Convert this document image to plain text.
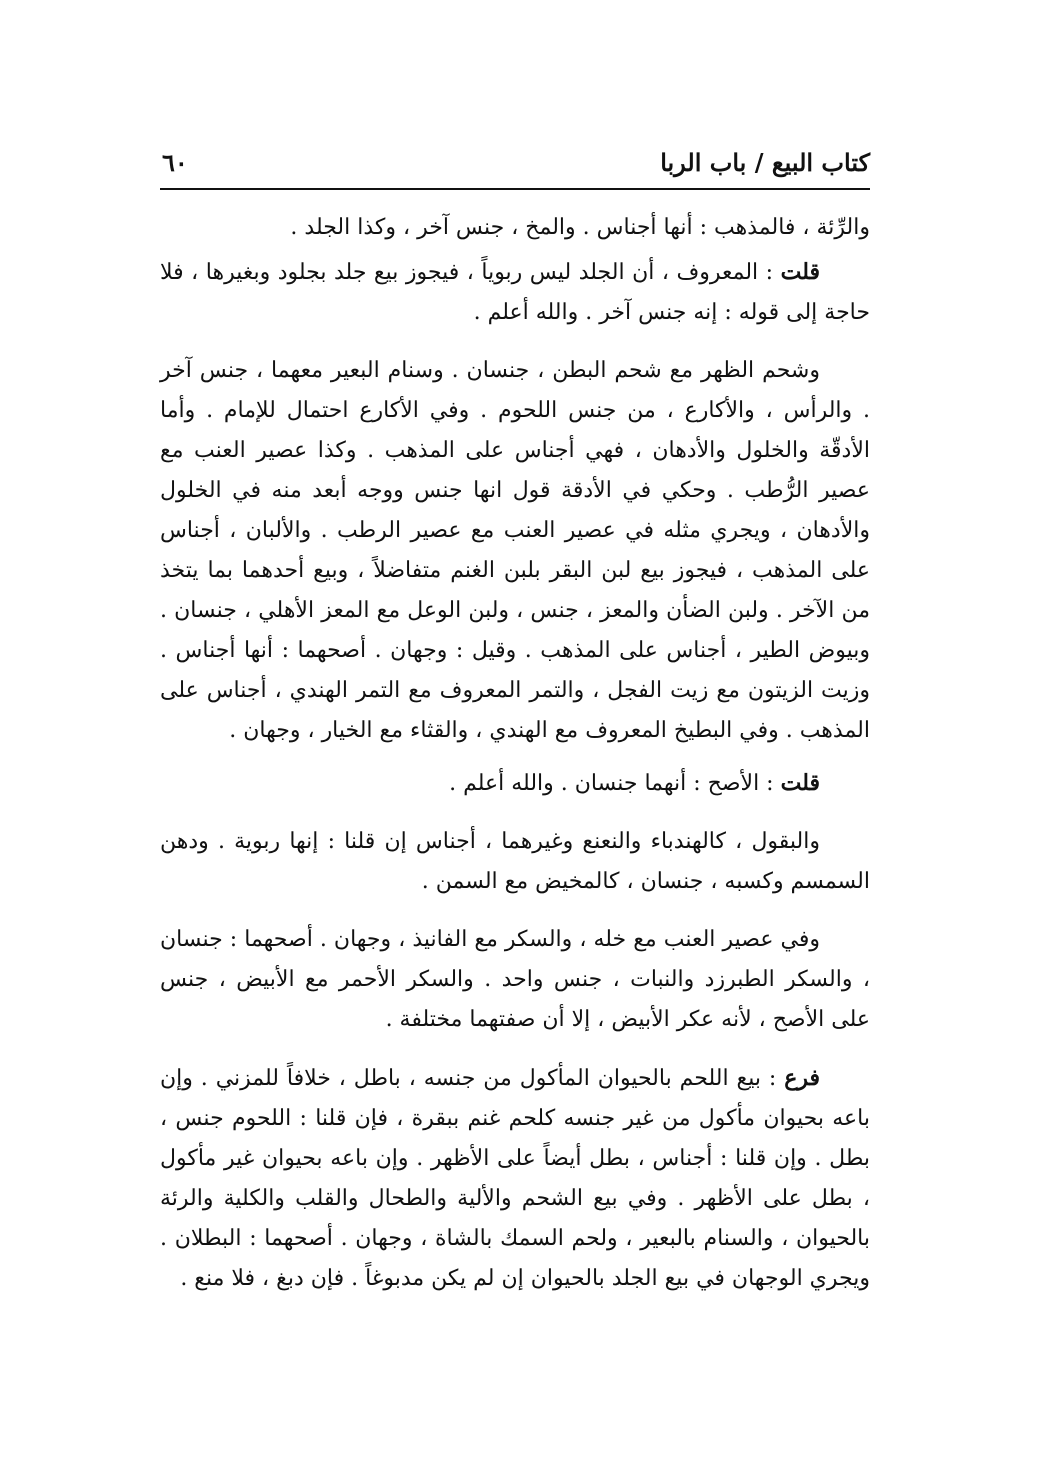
كتاب البيع / باب الربا
٦٠

والرِّئة ، فالمذهب : أنها أجناس . والمخ ، جنس آخر ، وكذا الجلد .

قلت : المعروف ، أن الجلد ليس ربوياً ، فيجوز بيع جلد بجلود وبغيرها ، فلا حاجة إلى قوله : إنه جنس آخر . والله أعلم .

وشحم الظهر مع شحم البطن ، جنسان . وسنام البعير معهما ، جنس آخر . والرأس ، والأكارع ، من جنس اللحوم . وفي الأكارع احتمال للإمام . وأما الأدقّة والخلول والأدهان ، فهي أجناس على المذهب . وكذا عصير العنب مع عصير الرُّطب . وحكي في الأدقة قول انها جنس ووجه أبعد منه في الخلول والأدهان ، ويجري مثله في عصير العنب مع عصير الرطب . والألبان ، أجناس على المذهب ، فيجوز بيع لبن البقر بلبن الغنم متفاضلاً ، وبيع أحدهما بما يتخذ من الآخر . ولبن الضأن والمعز ، جنس ، ولبن الوعل مع المعز الأهلي ، جنسان . وبيوض الطير ، أجناس على المذهب . وقيل : وجهان . أصحهما : أنها أجناس . وزيت الزيتون مع زيت الفجل ، والتمر المعروف مع التمر الهندي ، أجناس على المذهب . وفي البطيخ المعروف مع الهندي ، والقثاء مع الخيار ، وجهان .

قلت : الأصح : أنهما جنسان . والله أعلم .

والبقول ، كالهندباء والنعنع وغيرهما ، أجناس إن قلنا : إنها ربوية . ودهن السمسم وكسبه ، جنسان ، كالمخيض مع السمن .

وفي عصير العنب مع خله ، والسكر مع الفانيذ ، وجهان . أصحهما : جنسان ، والسكر الطبرزد والنبات ، جنس واحد . والسكر الأحمر مع الأبيض ، جنس على الأصح ، لأنه عكر الأبيض ، إلا أن صفتهما مختلفة .

فرع : بيع اللحم بالحيوان المأكول من جنسه ، باطل ، خلافاً للمزني . وإن باعه بحيوان مأكول من غير جنسه كلحم غنم ببقرة ، فإن قلنا : اللحوم جنس ، بطل . وإن قلنا : أجناس ، بطل أيضاً على الأظهر . وإن باعه بحيوان غير مأكول ، بطل على الأظهر . وفي بيع الشحم والألية والطحال والقلب والكلية والرئة بالحيوان ، والسنام بالبعير ، ولحم السمك بالشاة ، وجهان . أصحهما : البطلان . ويجري الوجهان في بيع الجلد بالحيوان إن لم يكن مدبوغاً . فإن دبغ ، فلا منع .
